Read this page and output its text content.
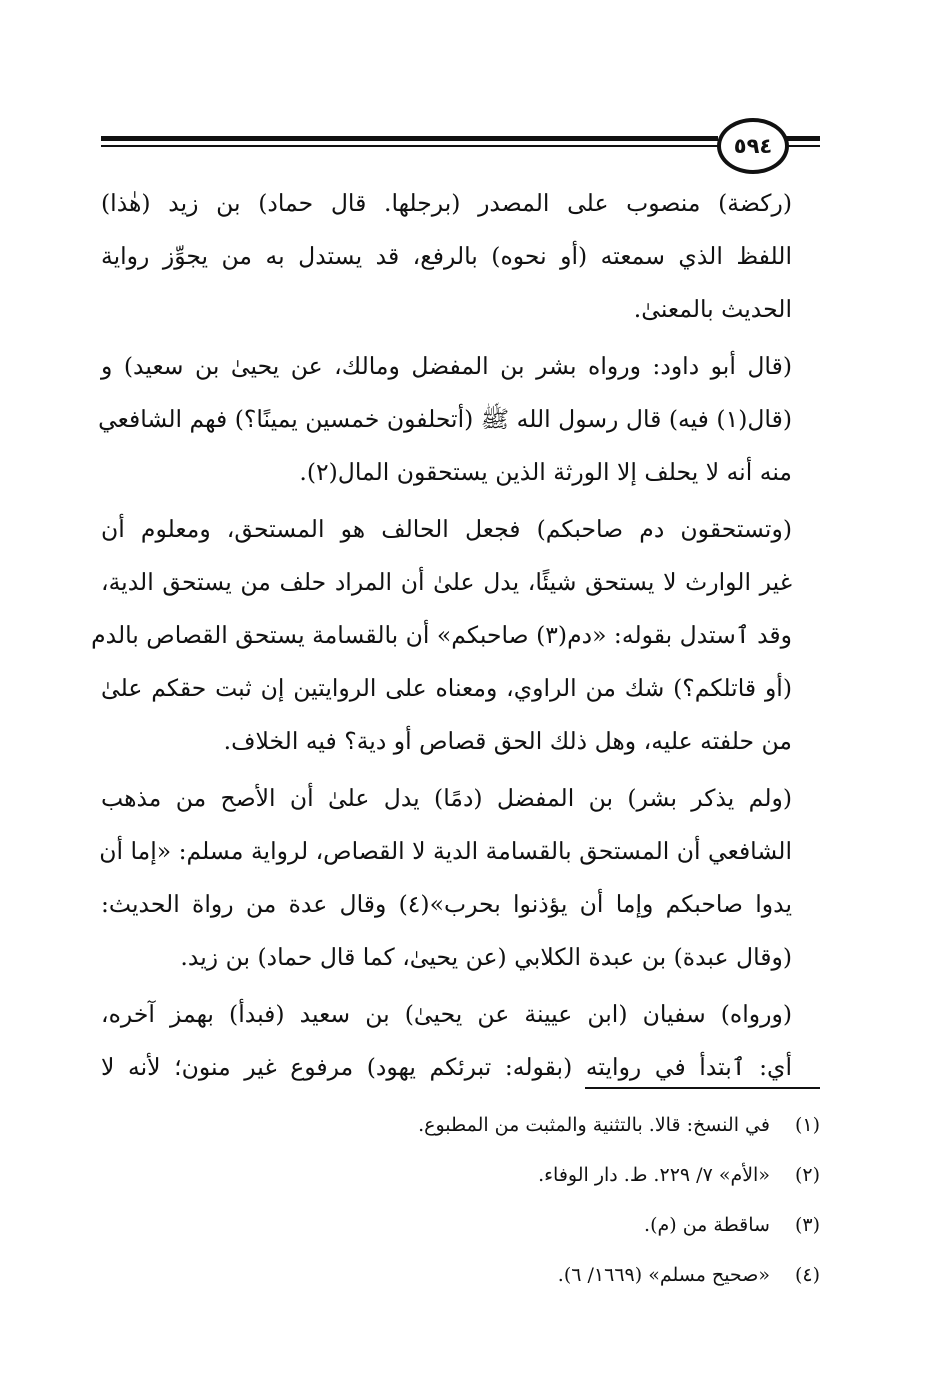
٥٩٤

(ركضة) منصوب على المصدر (برجلها. قال حماد) بن زيد (هٰذا)
اللفظ الذي سمعته (أو نحوه) بالرفع، قد يستدل به من يجوِّز رواية
الحديث بالمعنىٰ.

(قال أبو داود: ورواه بشر بن المفضل ومالك، عن يحيىٰ بن سعيد) و
(قال(١) فيه) قال رسول الله ﷺ (أتحلفون خمسين يمينًا؟) فهم الشافعي
منه أنه لا يحلف إلا الورثة الذين يستحقون المال(٢).

(وتستحقون دم صاحبكم) فجعل الحالف هو المستحق، ومعلوم أن
غير الوارث لا يستحق شيئًا، يدل علىٰ أن المراد حلف من يستحق الدية،
وقد ٱستدل بقوله: «دم(٣) صاحبكم» أن بالقسامة يستحق القصاص بالدم
(أو قاتلكم؟) شك من الراوي، ومعناه على الروايتين إن ثبت حقكم علىٰ
من حلفته عليه، وهل ذلك الحق قصاص أو دية؟ فيه الخلاف.

(ولم يذكر بشر) بن المفضل (دمًا) يدل علىٰ أن الأصح من مذهب
الشافعي أن المستحق بالقسامة الدية لا القصاص، لرواية مسلم: «إما أن
يدوا صاحبكم وإما أن يؤذنوا بحرب»(٤) وقال عدة من رواة الحديث:
(وقال عبدة) بن عبدة الكلابي (عن يحيىٰ، كما قال حماد) بن زيد.

(ورواه) سفيان (ابن عيينة عن يحيىٰ) بن سعيد (فبدأ) بهمز آخره،
أي: ٱبتدأ في روايته (بقوله: تبرئكم يهود) مرفوع غير منون؛ لأنه لا

(١) في النسخ: قالا. بالتثنية والمثبت من المطبوع.
(٢) «الأم» ٧/ ٢٢٩. ط. دار الوفاء.
(٣) ساقطة من (م).
(٤) «صحيح مسلم» (١٦٦٩/ ٦).
